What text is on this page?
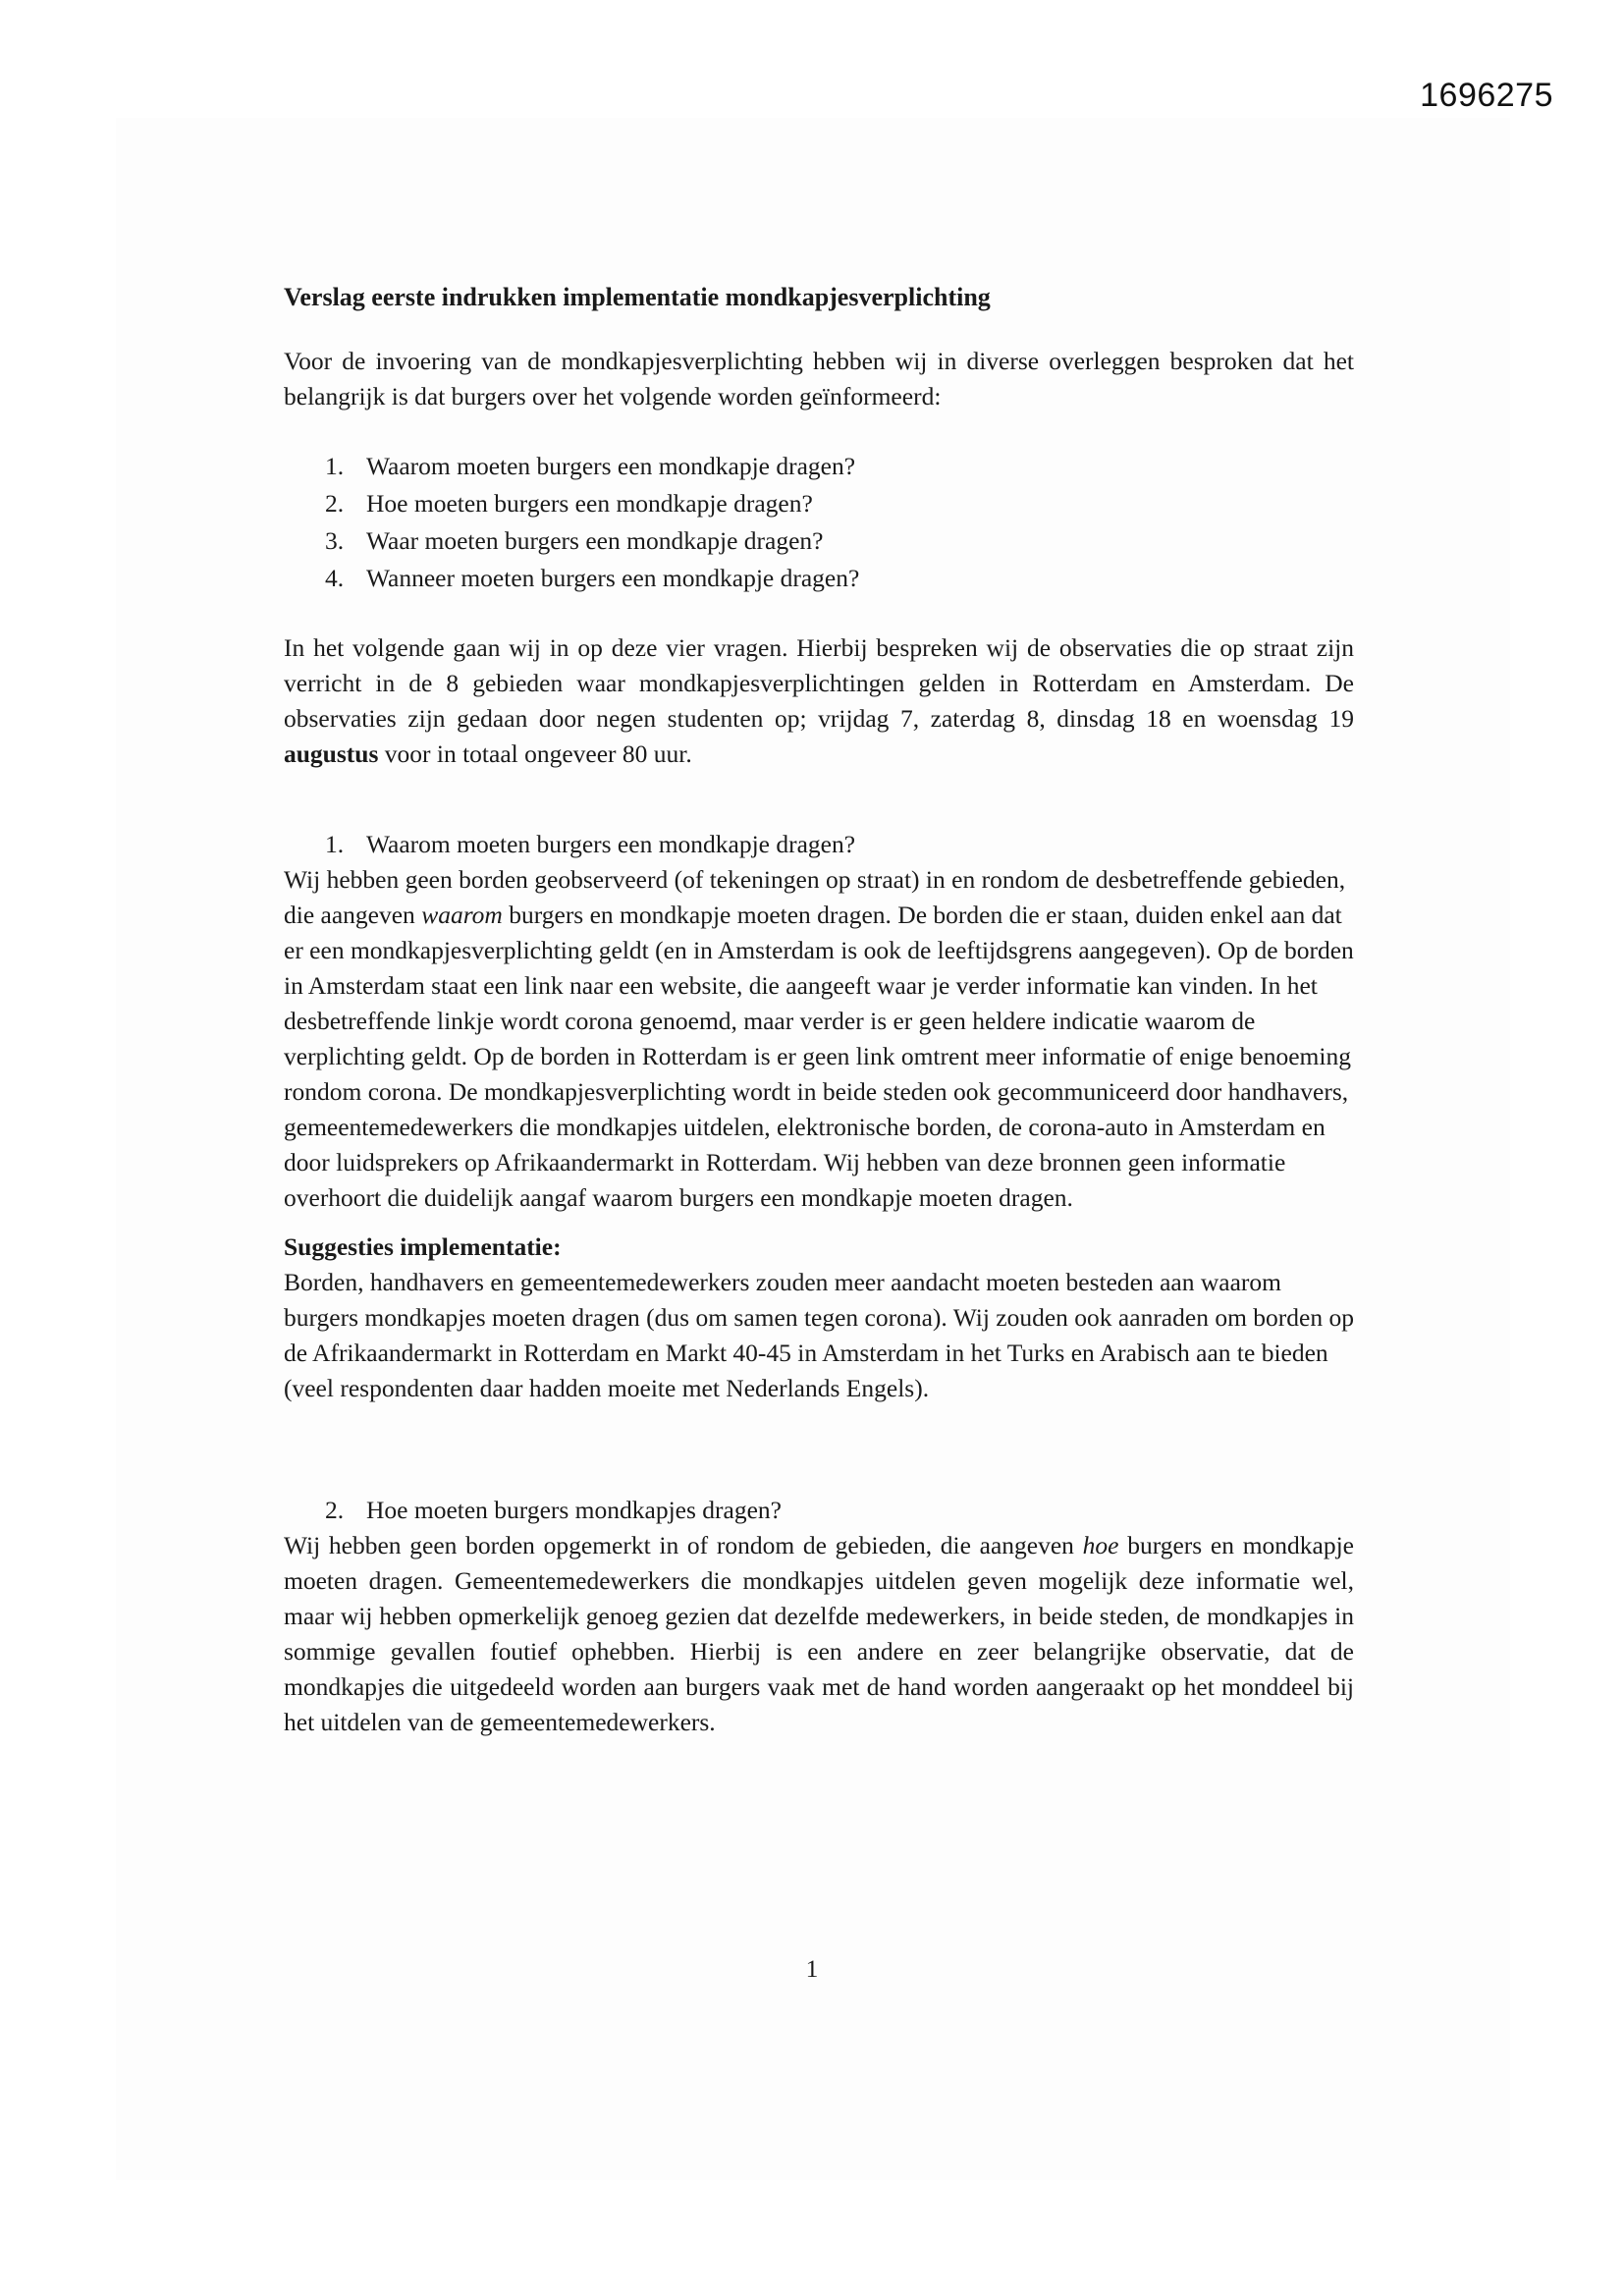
1696275

Verslag eerste indrukken implementatie mondkapjesverplichting

Voor de invoering van de mondkapjesverplichting hebben wij in diverse overleggen besproken dat het belangrijk is dat burgers over het volgende worden geïnformeerd:

1. Waarom moeten burgers een mondkapje dragen?
2. Hoe moeten burgers een mondkapje dragen?
3. Waar moeten burgers een mondkapje dragen?
4. Wanneer moeten burgers een mondkapje dragen?

In het volgende gaan wij in op deze vier vragen. Hierbij bespreken wij de observaties die op straat zijn verricht in de 8 gebieden waar mondkapjesverplichtingen gelden in Rotterdam en Amsterdam. De observaties zijn gedaan door negen studenten op; vrijdag 7, zaterdag 8, dinsdag 18 en woensdag 19 augustus voor in totaal ongeveer 80 uur.

1. Waarom moeten burgers een mondkapje dragen?

Wij hebben geen borden geobserveerd (of tekeningen op straat) in en rondom de desbetreffende gebieden, die aangeven waarom burgers en mondkapje moeten dragen. De borden die er staan, duiden enkel aan dat er een mondkapjesverplichting geldt (en in Amsterdam is ook de leeftijdsgrens aangegeven). Op de borden in Amsterdam staat een link naar een website, die aangeeft waar je verder informatie kan vinden. In het desbetreffende linkje wordt corona genoemd, maar verder is er geen heldere indicatie waarom de verplichting geldt. Op de borden in Rotterdam is er geen link omtrent meer informatie of enige benoeming rondom corona. De mondkapjesverplichting wordt in beide steden ook gecommuniceerd door handhavers, gemeentemedewerkers die mondkapjes uitdelen, elektronische borden, de corona-auto in Amsterdam en door luidsprekers op Afrikaandermarkt in Rotterdam. Wij hebben van deze bronnen geen informatie overhoort die duidelijk aangaf waarom burgers een mondkapje moeten dragen.

Suggesties implementatie:

Borden, handhavers en gemeentemedewerkers zouden meer aandacht moeten besteden aan waarom burgers mondkapjes moeten dragen (dus om samen tegen corona). Wij zouden ook aanraden om borden op de Afrikaandermarkt in Rotterdam en Markt 40-45 in Amsterdam in het Turks en Arabisch aan te bieden (veel respondenten daar hadden moeite met Nederlands Engels).

2. Hoe moeten burgers mondkapjes dragen?

Wij hebben geen borden opgemerkt in of rondom de gebieden, die aangeven hoe burgers en mondkapje moeten dragen. Gemeentemedewerkers die mondkapjes uitdelen geven mogelijk deze informatie wel, maar wij hebben opmerkelijk genoeg gezien dat dezelfde medewerkers, in beide steden, de mondkapjes in sommige gevallen foutief ophebben. Hierbij is een andere en zeer belangrijke observatie, dat de mondkapjes die uitgedeeld worden aan burgers vaak met de hand worden aangeraakt op het monddeel bij het uitdelen van de gemeentemedewerkers.

1
